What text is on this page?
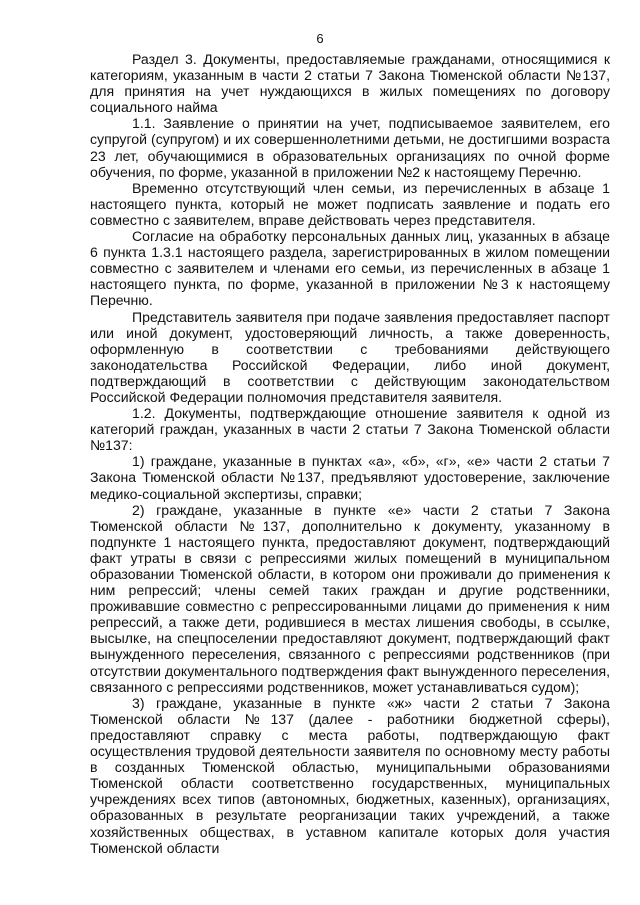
6

Раздел 3. Документы, предоставляемые гражданами, относящимися к категориям, указанным в части 2 статьи 7 Закона Тюменской области №137, для принятия на учет нуждающихся в жилых помещениях по договору социального найма

1.1. Заявление о принятии на учет, подписываемое заявителем, его супругой (супругом) и их совершеннолетними детьми, не достигшими возраста 23 лет, обучающимися в образовательных организациях по очной форме обучения, по форме, указанной в приложении №2 к настоящему Перечню.

Временно отсутствующий член семьи, из перечисленных в абзаце 1 настоящего пункта, который не может подписать заявление и подать его совместно с заявителем, вправе действовать через представителя.

Согласие на обработку персональных данных лиц, указанных в абзаце 6 пункта 1.3.1 настоящего раздела, зарегистрированных в жилом помещении совместно с заявителем и членами его семьи, из перечисленных в абзаце 1 настоящего пункта, по форме, указанной в приложении №3 к настоящему Перечню.

Представитель заявителя при подаче заявления предоставляет паспорт или иной документ, удостоверяющий личность, а также доверенность, оформленную в соответствии с требованиями действующего законодательства Российской Федерации, либо иной документ, подтверждающий в соответствии с действующим законодательством Российской Федерации полномочия представителя заявителя.

1.2. Документы, подтверждающие отношение заявителя к одной из категорий граждан, указанных в части 2 статьи 7 Закона Тюменской области №137:

1) граждане, указанные в пунктах «а», «б», «г», «е» части 2 статьи 7 Закона Тюменской области №137, предъявляют удостоверение, заключение медико-социальной экспертизы, справки;

2) граждане, указанные в пункте «е» части 2 статьи 7 Закона Тюменской области №137, дополнительно к документу, указанному в подпункте 1 настоящего пункта, предоставляют документ, подтверждающий факт утраты в связи с репрессиями жилых помещений в муниципальном образовании Тюменской области, в котором они проживали до применения к ним репрессий; члены семей таких граждан и другие родственники, проживавшие совместно с репрессированными лицами до применения к ним репрессий, а также дети, родившиеся в местах лишения свободы, в ссылке, высылке, на спецпоселении предоставляют документ, подтверждающий факт вынужденного переселения, связанного с репрессиями родственников (при отсутствии документального подтверждения факт вынужденного переселения, связанного с репрессиями родственников, может устанавливаться судом);

3) граждане, указанные в пункте «ж» части 2 статьи 7 Закона Тюменской области №137 (далее - работники бюджетной сферы), предоставляют справку с места работы, подтверждающую факт осуществления трудовой деятельности заявителя по основному месту работы в созданных Тюменской областью, муниципальными образованиями Тюменской области соответственно государственных, муниципальных учреждениях всех типов (автономных, бюджетных, казенных), организациях, образованных в результате реорганизации таких учреждений, а также хозяйственных обществах, в уставном капитале которых доля участия Тюменской области
